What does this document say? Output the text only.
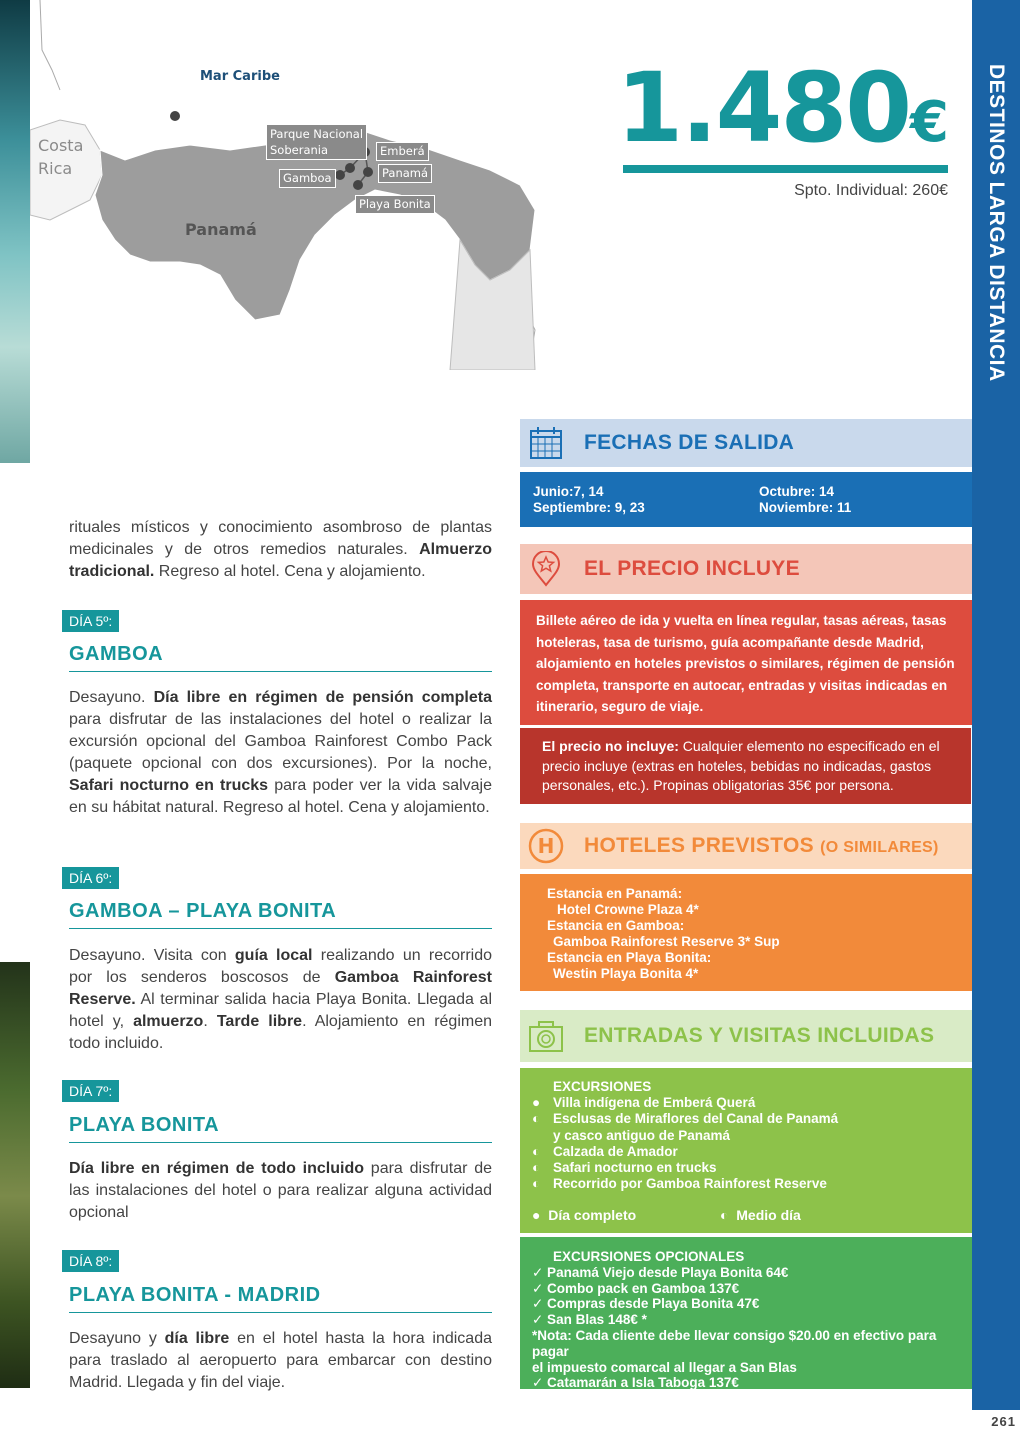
DESTINOS LARGA DISTANCIA
261
Mar Caribe
Costa
Rica
Panamá
Parque Nacional
Soberania	Emberá
Panamá
Gamboa
Playa Bonita
1.480€
Spto. Individual: 260€

rituales místicos y conocimiento asombroso de plantas medicinales y de otros remedios naturales. Almuerzo tradicional. Regreso al hotel. Cena y alojamiento.

DÍA 5º:
GAMBOA

Desayuno. Día libre en régimen de pensión completa para disfrutar de las instalaciones del hotel o realizar la excursión opcional del Gamboa Rainforest Combo Pack (paquete opcional con dos excursiones). Por la noche, Safari nocturno en trucks para poder ver la vida salvaje en su hábitat natural. Regreso al hotel. Cena y alojamiento.

DÍA 6º:
GAMBOA – PLAYA BONITA

Desayuno. Visita con guía local realizando un recorrido por los senderos boscosos de Gamboa Rainforest Reserve. Al terminar salida hacia Playa Bonita. Llegada al hotel y, almuerzo. Tarde libre. Alojamiento en régimen todo incluido.

DÍA 7º:
PLAYA BONITA

Día libre en régimen de todo incluido para disfrutar de las instalaciones del hotel o para realizar alguna actividad opcional

DÍA 8º:
PLAYA BONITA - MADRID

Desayuno y día libre en el hotel hasta la hora indicada para traslado al aeropuerto para embarcar con destino Madrid. Llegada y fin del viaje.

FECHAS DE SALIDA
Junio:7, 14
Septiembre: 9, 23
Octubre: 14
Noviembre: 11
EL PRECIO INCLUYE

Billete aéreo de ida y vuelta en línea regular, tasas aéreas, tasas hoteleras, tasa de turismo, guía acompañante desde Madrid, alojamiento en hoteles previstos o similares, régimen de pensión completa, transporte en autocar, entradas y visitas indicadas en itinerario, seguro de viaje.

El precio no incluye: Cualquier elemento no especificado en el precio incluye (extras en hoteles, bebidas no indicadas, gastos personales, etc.). Propinas obligatorias 35€ por persona.

H HOTELES PREVISTOS (O SIMILARES)
Estancia en Panamá:
Hotel Crowne Plaza 4*
Estancia en Gamboa:
Gamboa Rainforest Reserve 3* Sup
Estancia en Playa Bonita:
Westin Playa Bonita 4*
ENTRADAS Y VISITAS INCLUIDAS
EXCURSIONES
● Villa indígena de Emberá Querá
◐ Esclusas de Miraflores del Canal de Panamá
y casco antiguo de Panamá
◐ Calzada de Amador
◐ Safari nocturno en trucks
◐ Recorrido por Gamboa Rainforest Reserve
●  Día completo	◐  Medio día
EXCURSIONES OPCIONALES
✓ Panamá Viejo desde Playa Bonita 64€
✓ Combo pack en Gamboa 137€
✓ Compras desde Playa Bonita 47€
✓ San Blas 148€ *
*Nota: Cada cliente debe llevar consigo $20.00 en efectivo para pagar
el impuesto comarcal al llegar a San Blas
✓ Catamarán a Isla Taboga 137€
